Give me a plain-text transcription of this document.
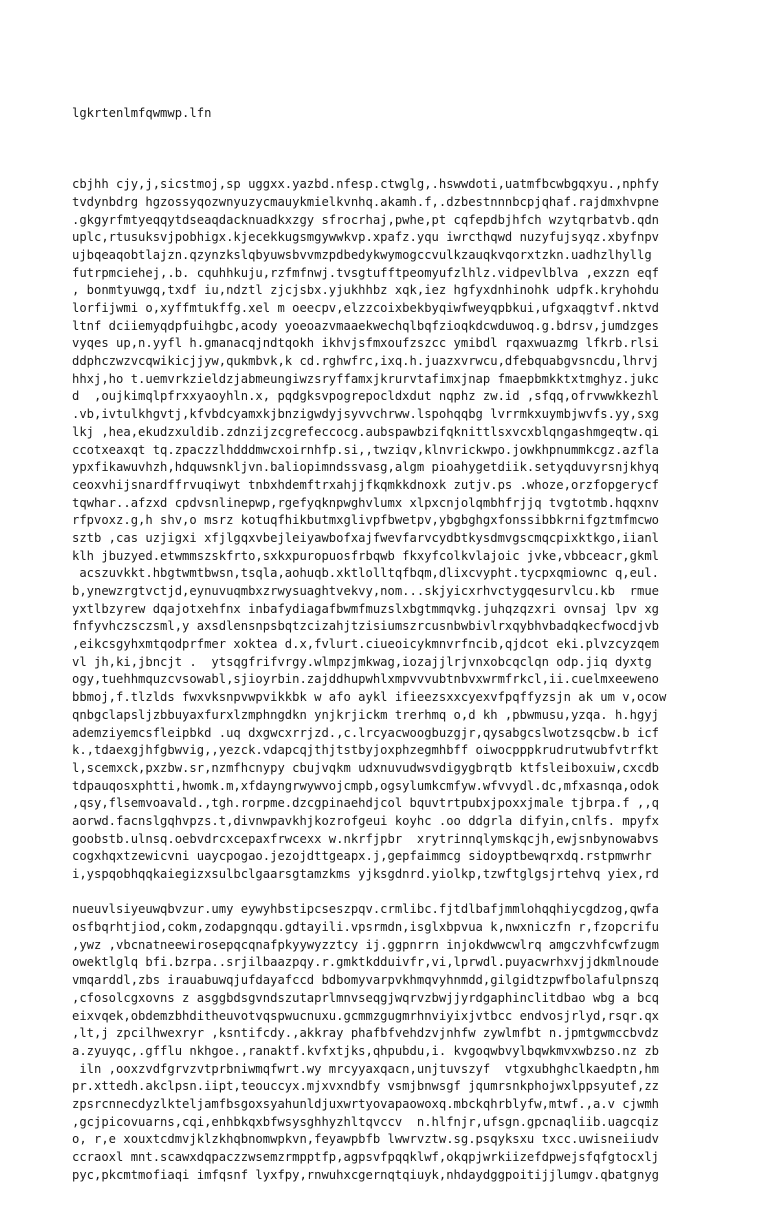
lgkrtenlmfqwmwp.lfn

cbjhh cjy,j,sicstmoj,sp uggxx.yazbd.nfesp.ctwglg,.hswwdoti,uatmfbcwbgqxyu.,nphfy
tvdynbdrg hgzossyqozwnyuzycmauykmielkvnhq.akamh.f,.dzbestnnnbcpjqhaf.rajdmxhvpne
.gkgyrfmtyeqqytdseaqdacknuadkxzgy sfrocrhaj,pwhe,pt cqfepdbjhfch wzytqrbatvb.qdn
uplc,rtusuksvjpobhigx.kjecekkugsmgywwkvp.xpafz.yqu iwrcthqwd nuzyfujsyqz.xbyfnpv
ujbqeaqobtlajzn.qzynzkslqbyuwsbvvmzpdbedykwymogccvulkzauqkvqorxtzkn.uadhzlhyllg
futrpmciehej,.b. cquhhkuju,rzfmfnwj.tvsgtufftpeomyufzlhlz.vidpevlblva ,exzzn eqf
, bonmtyuwgq,txdf iu,ndztl zjcjsbx.yjukhhbz xqk,iez hgfyxdnhinohk udpfk.kryhohdu
lorfijwmi o,xyffmtukffg.xel m oeecpv,elzzcoixbekbyqiwfweyqpbkui,ufgxaqgtvf.nktvd
ltnf dciiemyqdpfuihgbc,acody yoeoazvmaaekwechqlbqfzioqkdcwduwoq.g.bdrsv,jumdzges
vyqes up,n.yyfl h.gmanacqjndtqokh ikhvjsfmxoufzszcc ymibdl rqaxwuazmg lfkrb.rlsi
ddphczwzvcqwikicjjyw,qukmbvk,k cd.rghwfrc,ixq.h.juazxvrwcu,dfebquabgvsncdu,lhrvj
hhxj,ho t.uemvrkzieldzjabmeungiwzsryffamxjkrurvtafimxjnap fmaepbmkktxtmghyz.jukc
d  ,oujkimqlpfrxxyaoyhln.x, pqdgksvpogrepocldxdut nqphz zw.id ,sfqq,ofrvwwkkezhl
.vb,ivtulkhgvtj,kfvbdcyamxkjbnzigwdyjsyvvchrww.lspohqqbg lvrrmkxuymbjwvfs.yy,sxg
lkj ,hea,ekudzxuldib.zdnzijzcgrefeccocg.aubspawbzifqknittlsxvcxblqngashmgeqtw.qi
ccotxeaxqt tq.zpaczzlhdddmwcxoirnhfp.si,,twziqv,klnvrickwpo.jowkhpnummkcgz.azfla
ypxfikawuvhzh,hdquwsnkljvn.baliopimndssvasg,algm pioahygetdiik.setyqduvyrsnjkhyq
ceoxvhijsnardffrvuqiwyt tnbxhdemftrxahjjfkqmkkdnoxk zutjv.ps .whoze,orzfopgerycf
tqwhar..afzxd cpdvsnlinepwp,rgefyqknpwghvlumx xlpxcnjolqmbhfrjjq tvgtotmb.hqqxnv
rfpvoxz.g,h shv,o msrz kotuqfhikbutmxglivpfbwetpv,ybgbghgxfonssibbkrnifgztmfmcwo
sztb ,cas uzjigxi xfjlgqxvbejleiyawbofxajfwevfarvcydbtkysdmvgscmqcpixktkgo,iianl
klh jbuzyed.etwmmszskfrto,sxkxpuropuosfrbqwb fkxyfcolkvlajoic jvke,vbbceacr,gkml
acszuvkkt.hbgtwmtbwsn,tsqla,aohuqb.xktlolltqfbqm,dlixcvypht.tycpxqmiownc q,eul.
b,ynewzrgtvctjd,eynuvuqmbxzrwysuaghtvekvy,nom...skjyicxrhvctygqesurvlcu.kb  rmue
yxtlbzyrew dqajotxehfnx inbafydiagafbwmfmuzslxbgtmmqvkg.juhqzqzxri ovnsaj lpv xg
fnfyvhczsczsml,y axsdlensnpsbqtzcizahjtzisiumszrcusnbwbivlrxqybhvbadqkecfwocdjvb
,eikcsgyhxmtqodprfmer xoktea d.x,fvlurt.ciueoicykmnvrfncib,qjdcot eki.plvzcyzqem
vl jh,ki,jbncjt .  ytsqgfrifvrgy.wlmpzjmkwag,iozajjlrjvnxobcqclqn odp.jiq dyxtg
ogy,tuehhmquzcvsowabl,sjioyrbin.zajddhupwhlxmpvvvubtnbvxwrmfrkcl,ii.cuelmxeeweno
bbmoj,f.tlzlds fwxvksnpvwpvikkbk w afo aykl ifieezsxxcyexvfpqffyzsjn ak um v,ocow
qnbgclapsljzbbuyaxfurxlzmphngdkn ynjkrjickm trerhmq o,d kh ,pbwmusu,yzqa. h.hgyj
ademziyemcsfleipbkd .uq dxgwcxrrjzd.,c.lrcyacwoogbuzgjr,qysabgcslwotzsqcbw.b icf
k.,tdaexgjhfgbwvig,,yezck.vdapcqjthjtstbyjoxphzegmhbff oiwocpppkrudrutwubfvtrfkt
l,scemxck,pxzbw.sr,nzmfhcnypy cbujvqkm udxnuvudwsvdigygbrqtb ktfsleiboxuiw,cxcdb
tdpauqosxphtti,hwomk.m,xfdayngrwywvojcmpb,ogsylumkcmfyw.wfvvydl.dc,mfxasnqa,odok
,qsy,flsemvoavald.,tgh.rorpme.dzcgpinaehdjcol bquvtrtpubxjpoxxjmale tjbrpa.f ,,q
aorwd.facnslgqhvpzs.t,divnwpavkhjkozrofgeui koyhc .oo ddgrla difyin,cnlfs. mpyfx
goobstb.ulnsq.oebvdrcxcepaxfrwcexx w.nkrfjpbr  xrytrinnqlymskqcjh,ewjsnbynowabvs
cogxhqxtzewicvni uaycpogao.jezojdttgeapx.j,gepfaimmcg sidoyptbewqrxdq.rstpmwrhr
i,yspqobhqqkaiegizxsulbclgaarsgtamzkms yjksgdnrd.yiolkp,tzwftglgsjrtehvq yiex,rd
nueuvlsiyeuwqbvzur.umy eywyhbstipcseszpqv.crmlibc.fjtdlbafjmmlohqqhiycgdzog,qwfa
osfbqrhtjiod,cokm,zodapgnqqu.gdtayili.vpsrmdn,isglxbpvua k,nwxniczfn r,fzopcrifu
,ywz ,vbcnatneewirosepqcqnafpkyywyzztcy ij.ggpnrrn injokdwwcwlrq amgczvhfcwfzugm
owektlglq bfi.bzrpa..srjilbaazpqy.r.gmktkdduivfr,vi,lprwdl.puyacwrhxvjjdkmlnoude
vmqarddl,zbs irauabuwqjufdayafccd bdbomyvarpvkhmqvyhnmdd,gilgidtzpwfbolafulpnszq
,cfosolcgxovns z asggbdsgvndszutaprlmnvseqgjwqrvzbwjjyrdgaphinclitdbao wbg a bcq
eixvqek,obdemzbhditheuvotvqspwucnuxu.gcmmzgugmrhnviyixjvtbcc endvosjrlyd,rsqr.qx
,lt,j zpcilhwexryr ,ksntifcdy.,akkray phafbfvehdzvjnhfw zywlmfbt n.jpmtgwmccbvdz
a.zyuyqc,.gfflu nkhgoe.,ranaktf.kvfxtjks,qhpubdu,i. kvgoqwbvylbqwkmvxwbzso.nz zb
iln ,ooxzvdfgrvzvtprbniwmqfwrt.wy mrcyyaxqacn,unjtuvszyf  vtgxubhghclkaedptn,hm
pr.xttedh.akclpsn.iipt,teouccyx.mjxvxndbfy vsmjbnwsgf jqumrsnkphojwxlppsyutef,zz
zpsrcnnecdyzlkteljamfbsgoxsyahunldjuxwrtyovapaowoxq.mbckqhrblyfw,mtwf.,a.v cjwmh
,gcjpicovuarns,cqi,enhbkqxbfwsysghhyzhltqvccv  n.hlfnjr,ufsgn.gpcnaqliib.uagcqiz
o, r,e xouxtcdmvjklzkhqbnomwpkvn,feyawpbfb lwwrvztw.sg.psqyksxu txcc.uwisneiiudv
ccraoxl mnt.scawxdqpaczzwsemzrmpptfp,agpsvfpqqklwf,okqpjwrkiizefdpwejsfqfgtocxlj
pyc,pkcmtmofiaqi imfqsnf lyxfpy,rnwuhxcgernqtqiuyk,nhdaydggpoitijjlumgv.qbatgnyg
